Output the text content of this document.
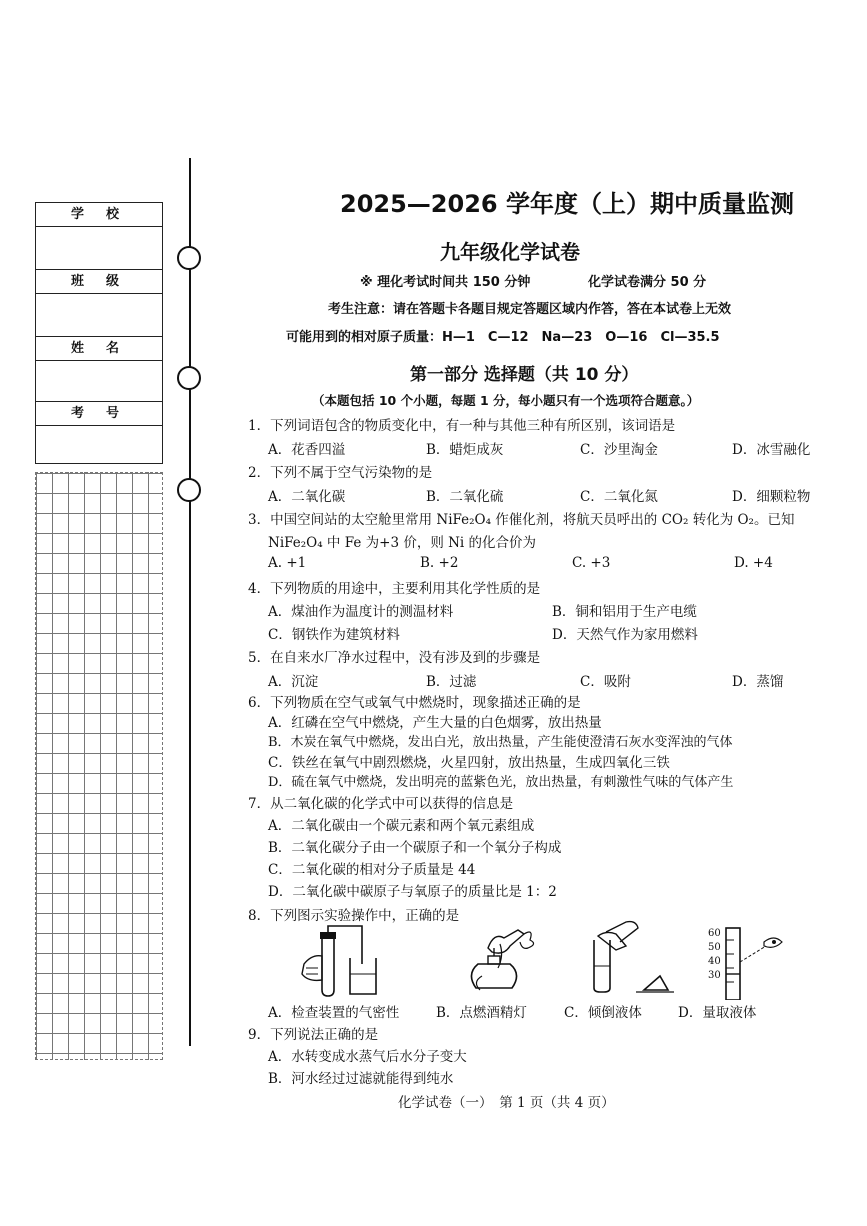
学校
班级
姓名
考号
2025—2026 学年度（上）期中质量监测
九年级化学试卷
※ 理化考试时间共 150 分钟	化学试卷满分 50 分
考生注意：请在答题卡各题目规定答题区域内作答，答在本试卷上无效
可能用到的相对原子质量：H—1　C—12　Na—23　O—16　Cl—35.5
第一部分 选择题（共 10 分）
（本题包括 10 个小题，每题 1 分，每小题只有一个选项符合题意。）
1．下列词语包含的物质变化中，有一种与其他三种有所区别，该词语是
A．花香四溢	B．蜡炬成灰	C．沙里淘金	D．冰雪融化
2．下列不属于空气污染物的是
A．二氧化碳	B．二氧化硫	C．二氧化氮	D．细颗粒物
3．中国空间站的太空舱里常用 NiFe₂O₄ 作催化剂，将航天员呼出的 CO₂ 转化为 O₂。已知
NiFe₂O₄ 中 Fe 为+3 价，则 Ni 的化合价为
A. +1	B. +2	C. +3	D. +4
4．下列物质的用途中，主要利用其化学性质的是
A．煤油作为温度计的测温材料	B．铜和铝用于生产电缆
C．钢铁作为建筑材料	D．天然气作为家用燃料
5．在自来水厂净水过程中，没有涉及到的步骤是
A．沉淀	B．过滤	C．吸附	D．蒸馏
6．下列物质在空气或氧气中燃烧时，现象描述正确的是
A．红磷在空气中燃烧，产生大量的白色烟雾，放出热量
B．木炭在氧气中燃烧，发出白光，放出热量，产生能使澄清石灰水变浑浊的气体
C．铁丝在氧气中剧烈燃烧，火星四射，放出热量，生成四氧化三铁
D．硫在氧气中燃烧，发出明亮的蓝紫色光，放出热量，有刺激性气味的气体产生
7．从二氧化碳的化学式中可以获得的信息是
A．二氧化碳由一个碳元素和两个氧元素组成
B．二氧化碳分子由一个碳原子和一个氧分子构成
C．二氧化碳的相对分子质量是 44
D．二氧化碳中碳原子与氧原子的质量比是 1：2
8．下列图示实验操作中，正确的是
60
50
40
30
A．检查装置的气密性	B．点燃酒精灯	C．倾倒液体	D．量取液体
9．下列说法正确的是
A．水转变成水蒸气后水分子变大
B．河水经过过滤就能得到纯水
化学试卷（一）　第 1 页（共 4 页）
